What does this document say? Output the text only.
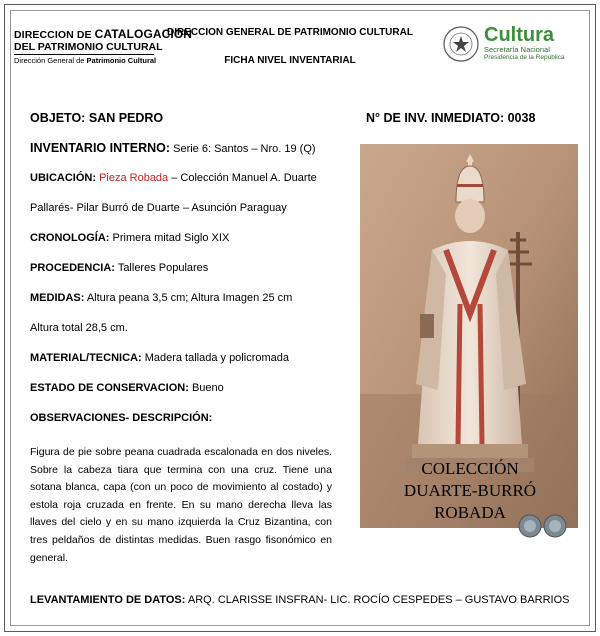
DIRECCION DE CATALOGACION
DEL PATRIMONIO CULTURAL
Dirección General de Patrimonio Cultural
DIRECCION GENERAL DE PATRIMONIO CULTURAL
FICHA NIVEL INVENTARIAL
Cultura
Secretaría Nacional
Presidencia de la República
OBJETO: SAN PEDRO	N° DE INV. INMEDIATO: 0038
INVENTARIO INTERNO: Serie 6: Santos – Nro. 19 (Q)
UBICACIÓN: Pieza Robada – Colección Manuel A. Duarte
Pallarés- Pilar Burró de Duarte – Asunción Paraguay
CRONOLOGÍA: Primera mitad Siglo XIX
PROCEDENCIA: Talleres Populares
MEDIDAS: Altura peana 3,5 cm; Altura Imagen 25 cm
Altura total 28,5 cm.
MATERIAL/TECNICA: Madera tallada y policromada
ESTADO DE CONSERVACION: Bueno
OBSERVACIONES- DESCRIPCIÓN:
Figura de pie sobre peana cuadrada escalonada en dos niveles. Sobre la cabeza tiara que termina con una cruz. Tiene una sotana blanca, capa (con un poco de movimiento al costado) y estola roja cruzada en frente. En su mano derecha lleva las llaves del cielo y en su mano izquierda la Cruz Bizantina, con tres peldaños de distintas medidas. Buen rasgo fisonómico en general.
COLECCIÓN
DUARTE-BURRÓ
ROBADA
LEVANTAMIENTO DE DATOS: ARQ. CLARISSE INSFRAN- LIC. ROCÍO CESPEDES – GUSTAVO BARRIOS
